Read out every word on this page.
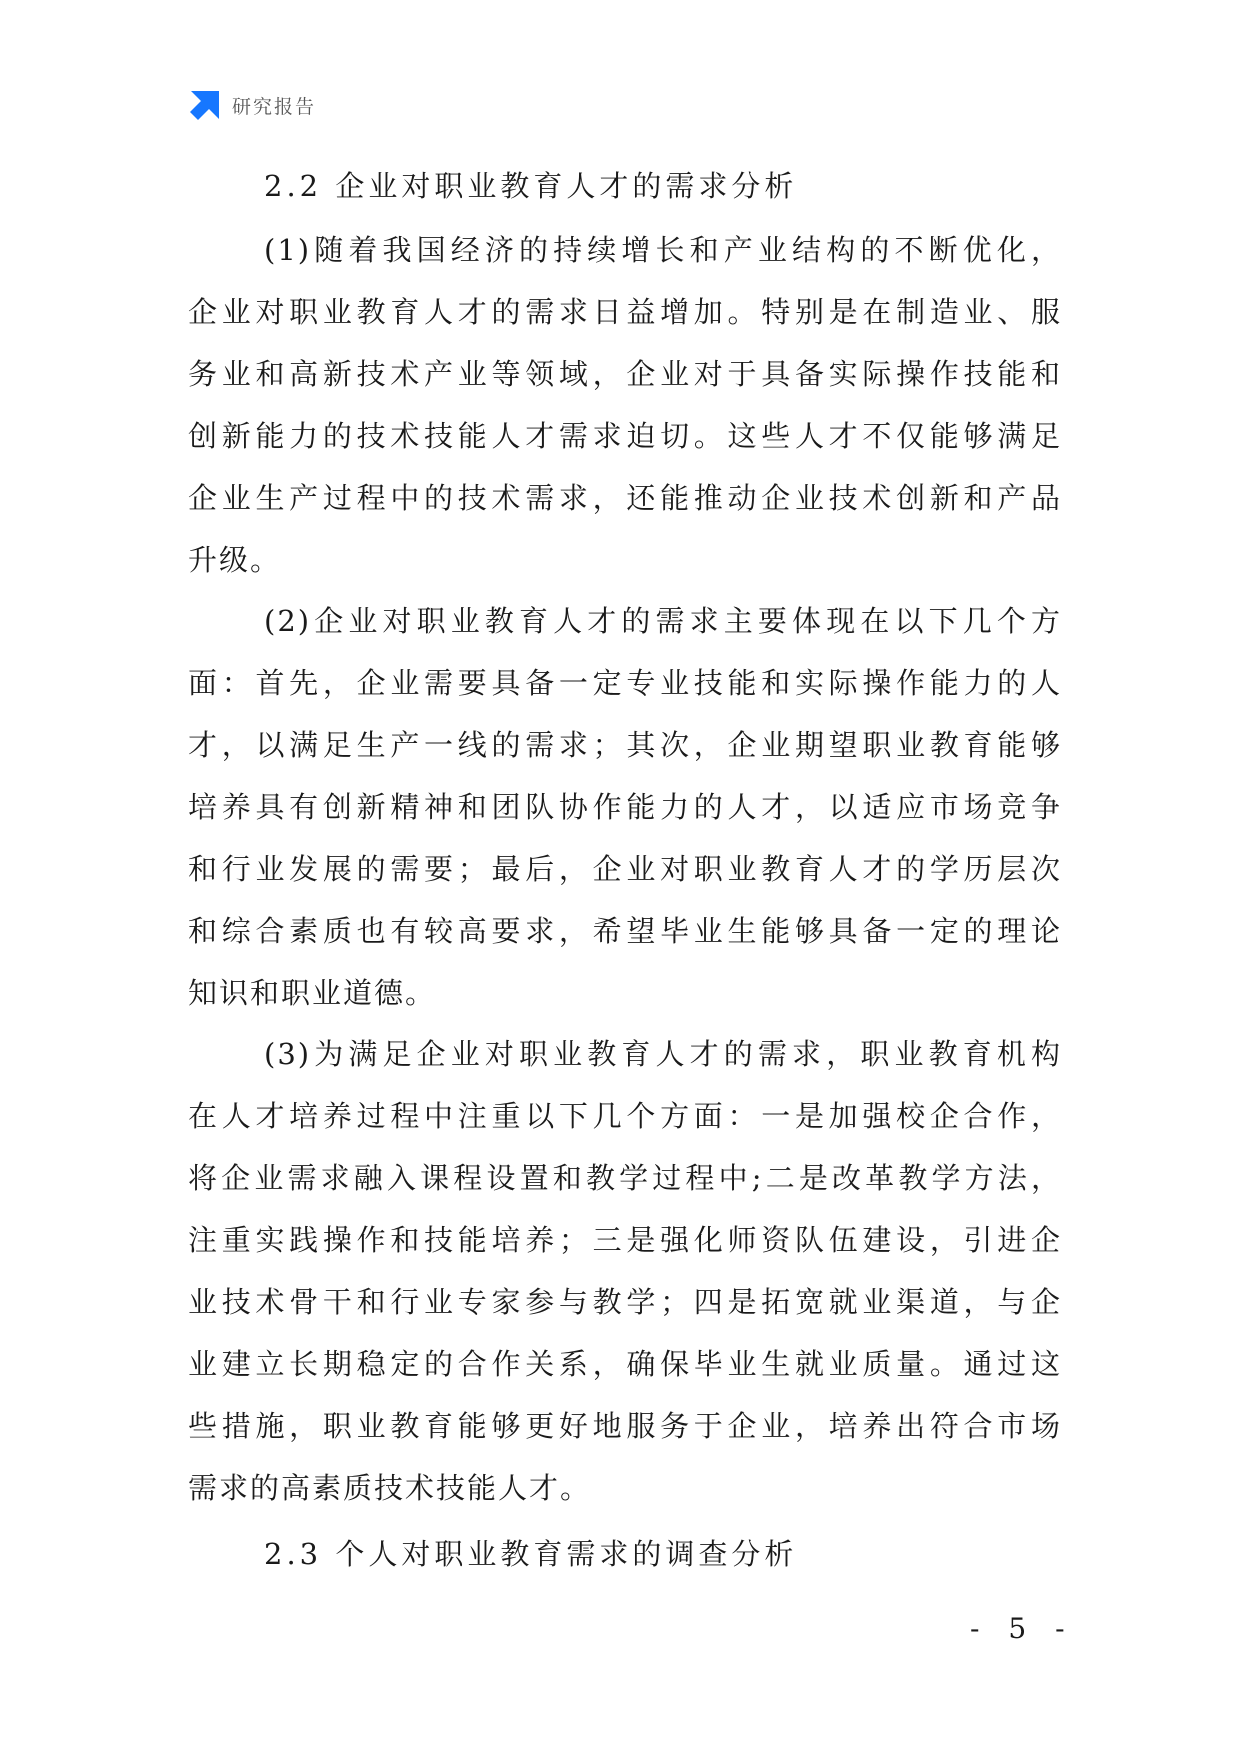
研究报告
2.2 企业对职业教育人才的需求分析

(1)随着我国经济的持续增长和产业结构的不断优化，

企业对职业教育人才的需求日益增加。特别是在制造业、服

务业和高新技术产业等领域，企业对于具备实际操作技能和

创新能力的技术技能人才需求迫切。这些人才不仅能够满足

企业生产过程中的技术需求，还能推动企业技术创新和产品

升级。

(2)企业对职业教育人才的需求主要体现在以下几个方

面：首先，企业需要具备一定专业技能和实际操作能力的人

才，以满足生产一线的需求；其次，企业期望职业教育能够

培养具有创新精神和团队协作能力的人才，以适应市场竞争

和行业发展的需要；最后，企业对职业教育人才的学历层次

和综合素质也有较高要求，希望毕业生能够具备一定的理论

知识和职业道德。

(3)为满足企业对职业教育人才的需求，职业教育机构

在人才培养过程中注重以下几个方面：一是加强校企合作，

将企业需求融入课程设置和教学过程中;二是改革教学方法，

注重实践操作和技能培养；三是强化师资队伍建设，引进企

业技术骨干和行业专家参与教学；四是拓宽就业渠道，与企

业建立长期稳定的合作关系，确保毕业生就业质量。通过这

些措施，职业教育能够更好地服务于企业，培养出符合市场

需求的高素质技术技能人才。

2.3 个人对职业教育需求的调查分析
- 5 -
